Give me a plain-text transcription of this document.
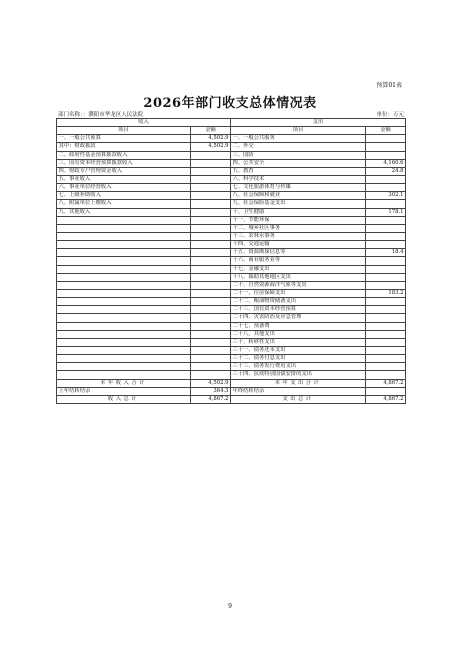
预算01表
2026年部门收支总体情况表
部门名称：：濮阳市华龙区人民法院	单位：万元
收入		支出	
项目	金额	项目	金额
一、一般公共预算	4,502.9	一、一般公共服务	
其中：财政拨款	4,502.9	二、外交	
二、政府性基金预算拨款收入		三、国防	
三、国有资本经营预算拨款收入		四、公共安全	4,160.6
四、财政专户管理资金收入		五、教育	24.8
五、事业收入		六、科学技术	
六、事业单位经营收入		七、文化旅游体育与传媒	
七、上级补助收入		八、社会保障和就业	302.1
八、附属单位上缴收入		九、社会保险基金支出	
九、其他收入		十、卫生健康	178.1
		十一、节能环保	
		十二、城乡社区事务	
		十三、农林水事务	
		十四、交通运输	
		十五、资源勘探信息等	18.4
		十六、商业服务业等	
		十七、金融支出	
		十八、援助其他地区支出	
		二十、自然资源海洋气象等支出	
		二十一、住房保障支出	183.2
		二十二、粮油物资储备支出	
		二十三、国有资本经营预算	
		二十四、灾害防治及应急管理	
		二十七、预备费	
		二十八、其他支出	
		三十、转移性支出	
		三十一、债务还本支出	
		三十二、债务付息支出	
		三十三、债务发行费用支出	
		三十四、抗疫特别国债安排的支出	
本年收入合计	4,502.9	本年支出合计	4,867.2
上年结转结余	364.3	年终结转结余	
收入总计	4,867.2	支出总计	4,867.2
9
